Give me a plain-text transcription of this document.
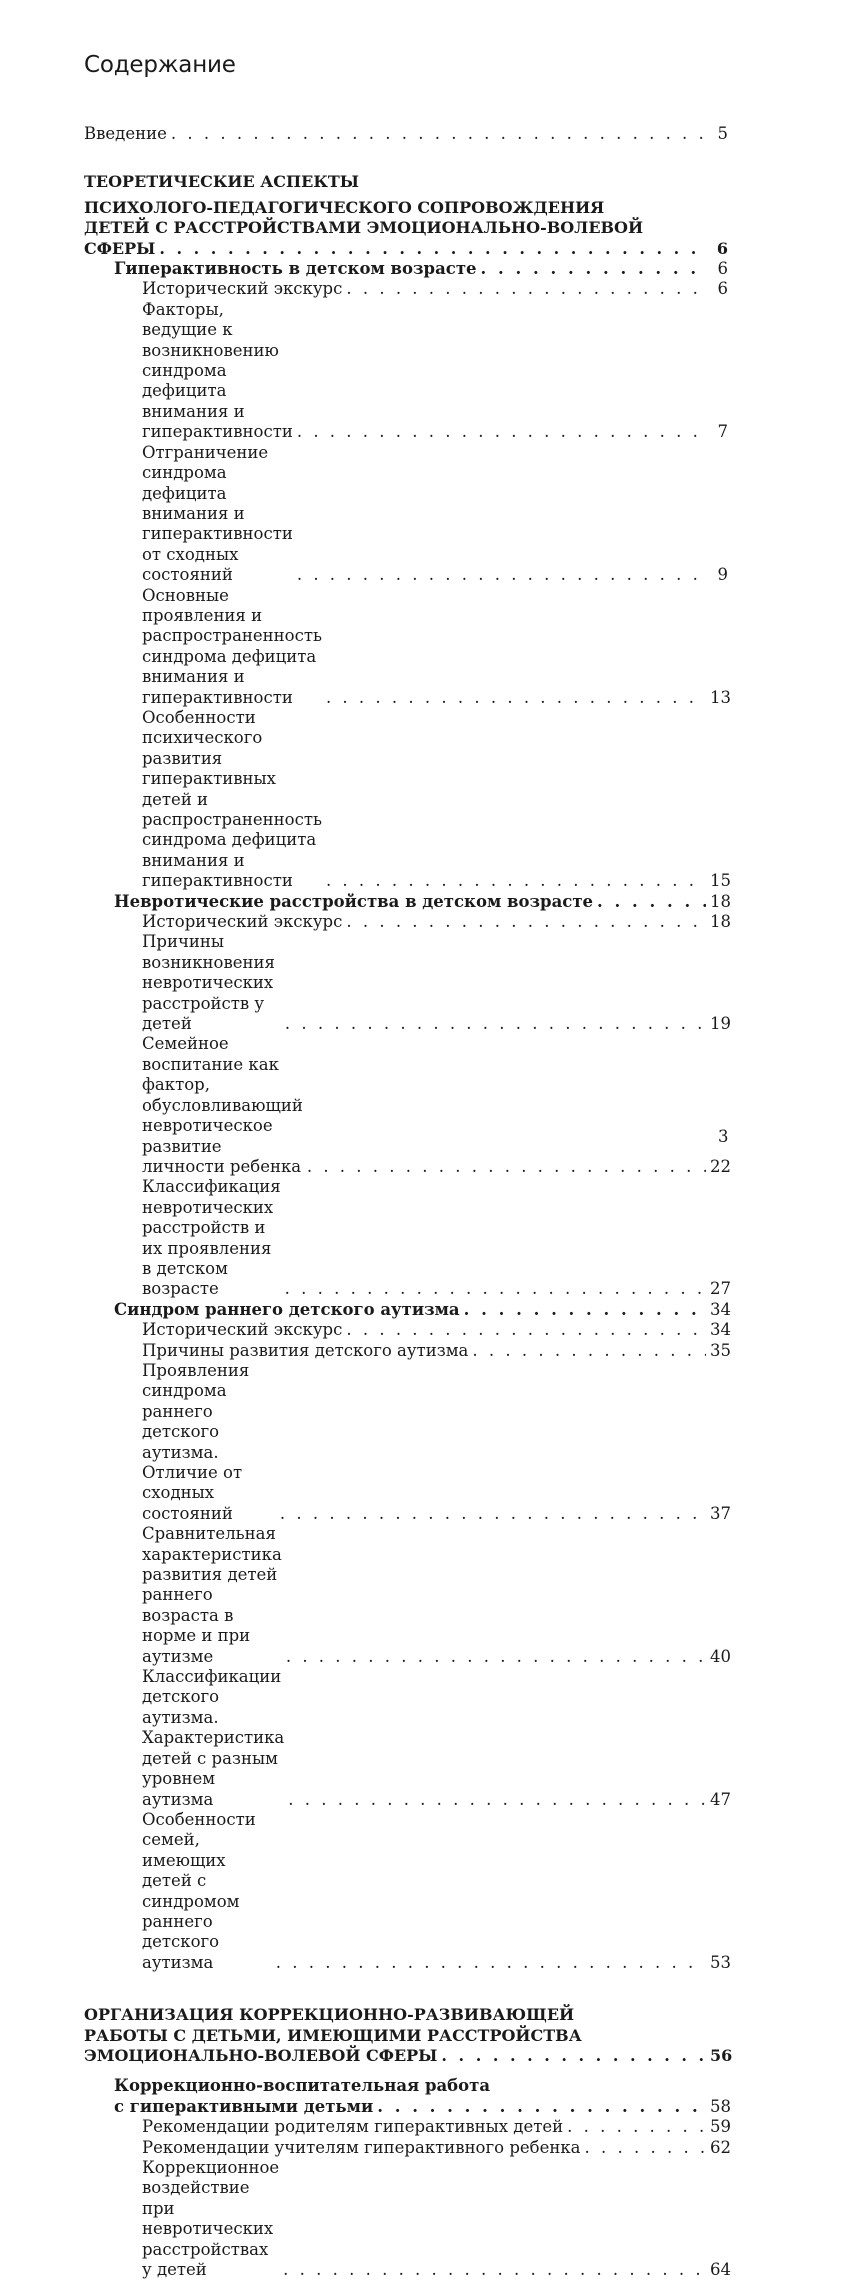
Содержание
Введение . . .	5
ТЕОРЕТИЧЕСКИЕ АСПЕКТЫ
ПСИХОЛОГО-ПЕДАГОГИЧЕСКОГО СОПРОВОЖДЕНИЯ
ДЕТЕЙ С РАССТРОЙСТВАМИ ЭМОЦИОНАЛЬНО-ВОЛЕВОЙ
СФЕРЫ . . .	6
Гиперактивность в детском возрасте . . .	6
Исторический экскурс . . .	6
Факторы, ведущие к возникновению синдрома дефицита внимания и гиперактивности . . .	7
Отграничение синдрома дефицита внимания и гиперактивности от сходных состояний . . .	9
Основные проявления и распространенность синдрома дефицита внимания и гиперактивности . . .	13
Особенности психического развития гиперактивных детей и распространенность синдрома дефицита внимания и гиперактивности . . .	15
Невротические расстройства в детском возрасте . . .	18
Исторический экскурс . . .	18
Причины возникновения невротических расстройств у детей . . .	19
Семейное воспитание как фактор, обусловливающий невротическое развитие личности ребенка . . .	22
Классификация невротических расстройств и их проявления в детском возрасте . . .	27
Синдром раннего детского аутизма . . .	34
Исторический экскурс . . .	34
Причины развития детского аутизма . . .	35
Проявления синдрома раннего детского аутизма. Отличие от сходных состояний . . .	37
Сравнительная характеристика развития детей раннего возраста в норме и при аутизме . . .	40
Классификации детского аутизма. Характеристика детей с разным уровнем аутизма . . .	47
Особенности семей, имеющих детей с синдромом раннего детского аутизма . . .	53
ОРГАНИЗАЦИЯ КОРРЕКЦИОННО-РАЗВИВАЮЩЕЙ
РАБОТЫ С ДЕТЬМИ, ИМЕЮЩИМИ РАССТРОЙСТВА
ЭМОЦИОНАЛЬНО-ВОЛЕВОЙ СФЕРЫ . . .	56
Коррекционно-воспитательная работа
с гиперактивными детьми . . .	58
Рекомендации родителям гиперактивных детей . . .	59
Рекомендации учителям гиперактивного ребенка . . .	62
Коррекционное воздействие при невротических расстройствах у детей . . .	64
3
